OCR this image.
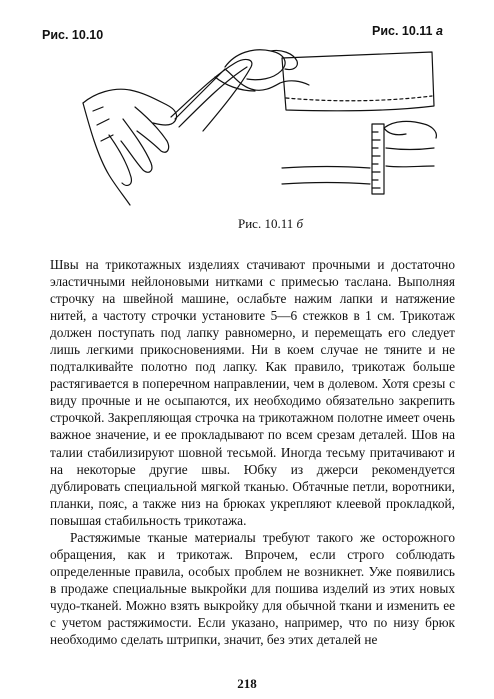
Рис. 10.10	Рис. 10.11 а
Рис. 10.11 б

Швы на трикотажных изделиях стачивают прочными и достаточно эластичными нейлоновыми нитками с примесью таслана. Выполняя строчку на швейной машине, ослабьте нажим лапки и натяжение нитей, а частоту строчки установите 5—6 стежков в 1 см. Трикотаж должен поступать под лапку равномерно, и перемещать его следует лишь легкими прикосновениями. Ни в коем случае не тяните и не подталкивайте полотно под лапку. Как правило, трикотаж больше растягивается в поперечном направлении, чем в долевом. Хотя срезы с виду прочные и не осыпаются, их необходимо обязательно закрепить строчкой. Закрепляющая строчка на трикотажном полотне имеет очень важное значение, и ее прокладывают по всем срезам деталей. Шов на талии стабилизируют шовной тесьмой. Иногда тесьму притачивают и на некоторые другие швы. Юбку из джерси рекомендуется дублировать специальной мягкой тканью. Обтачные петли, воротники, планки, пояс, а также низ на брюках укрепляют клеевой прокладкой, повышая стабильность трикотажа.

Растяжимые тканые материалы требуют такого же осторожного обращения, как и трикотаж. Впрочем, если строго соблюдать определенные правила, особых проблем не возникнет. Уже появились в продаже специальные выкройки для пошива изделий из этих новых чудо-тканей. Можно взять выкройку для обычной ткани и изменить ее с учетом растяжимости. Если указано, например, что по низу брюк необходимо сделать штрипки, значит, без этих деталей не

218
